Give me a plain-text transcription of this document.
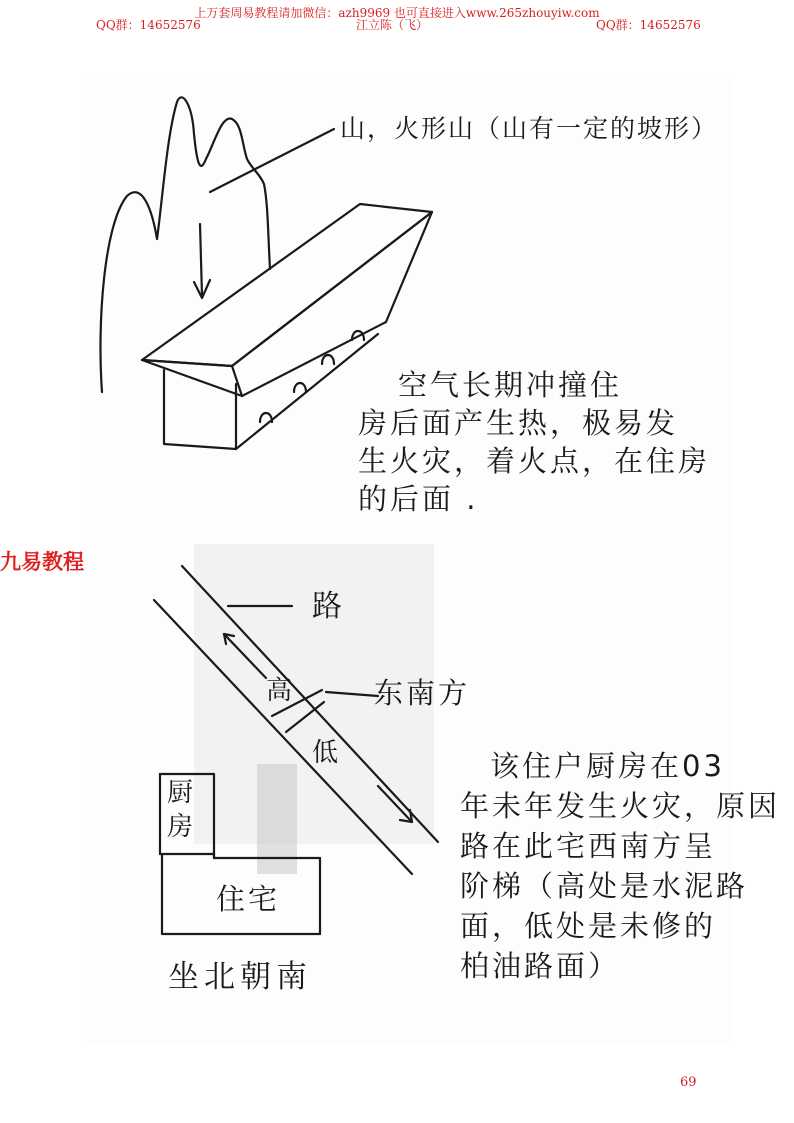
上万套周易教程请加微信：azh9969 也可直接进入www.265zhouyiw.com
QQ群：14652576	江立陈（飞）	QQ群：14652576
山，火形山（山有一定的坡形）
空气长期冲撞住
房后面产生热，极易发
生火灾，着火点，在住房
的后面 .
路
高	东南方
低
厨房
住宅
坐北朝南
该住户厨房在03
年未年发生火灾，原因
路在此宅西南方呈
阶梯（高处是水泥路
面，低处是未修的
柏油路面）
九易教程
69
